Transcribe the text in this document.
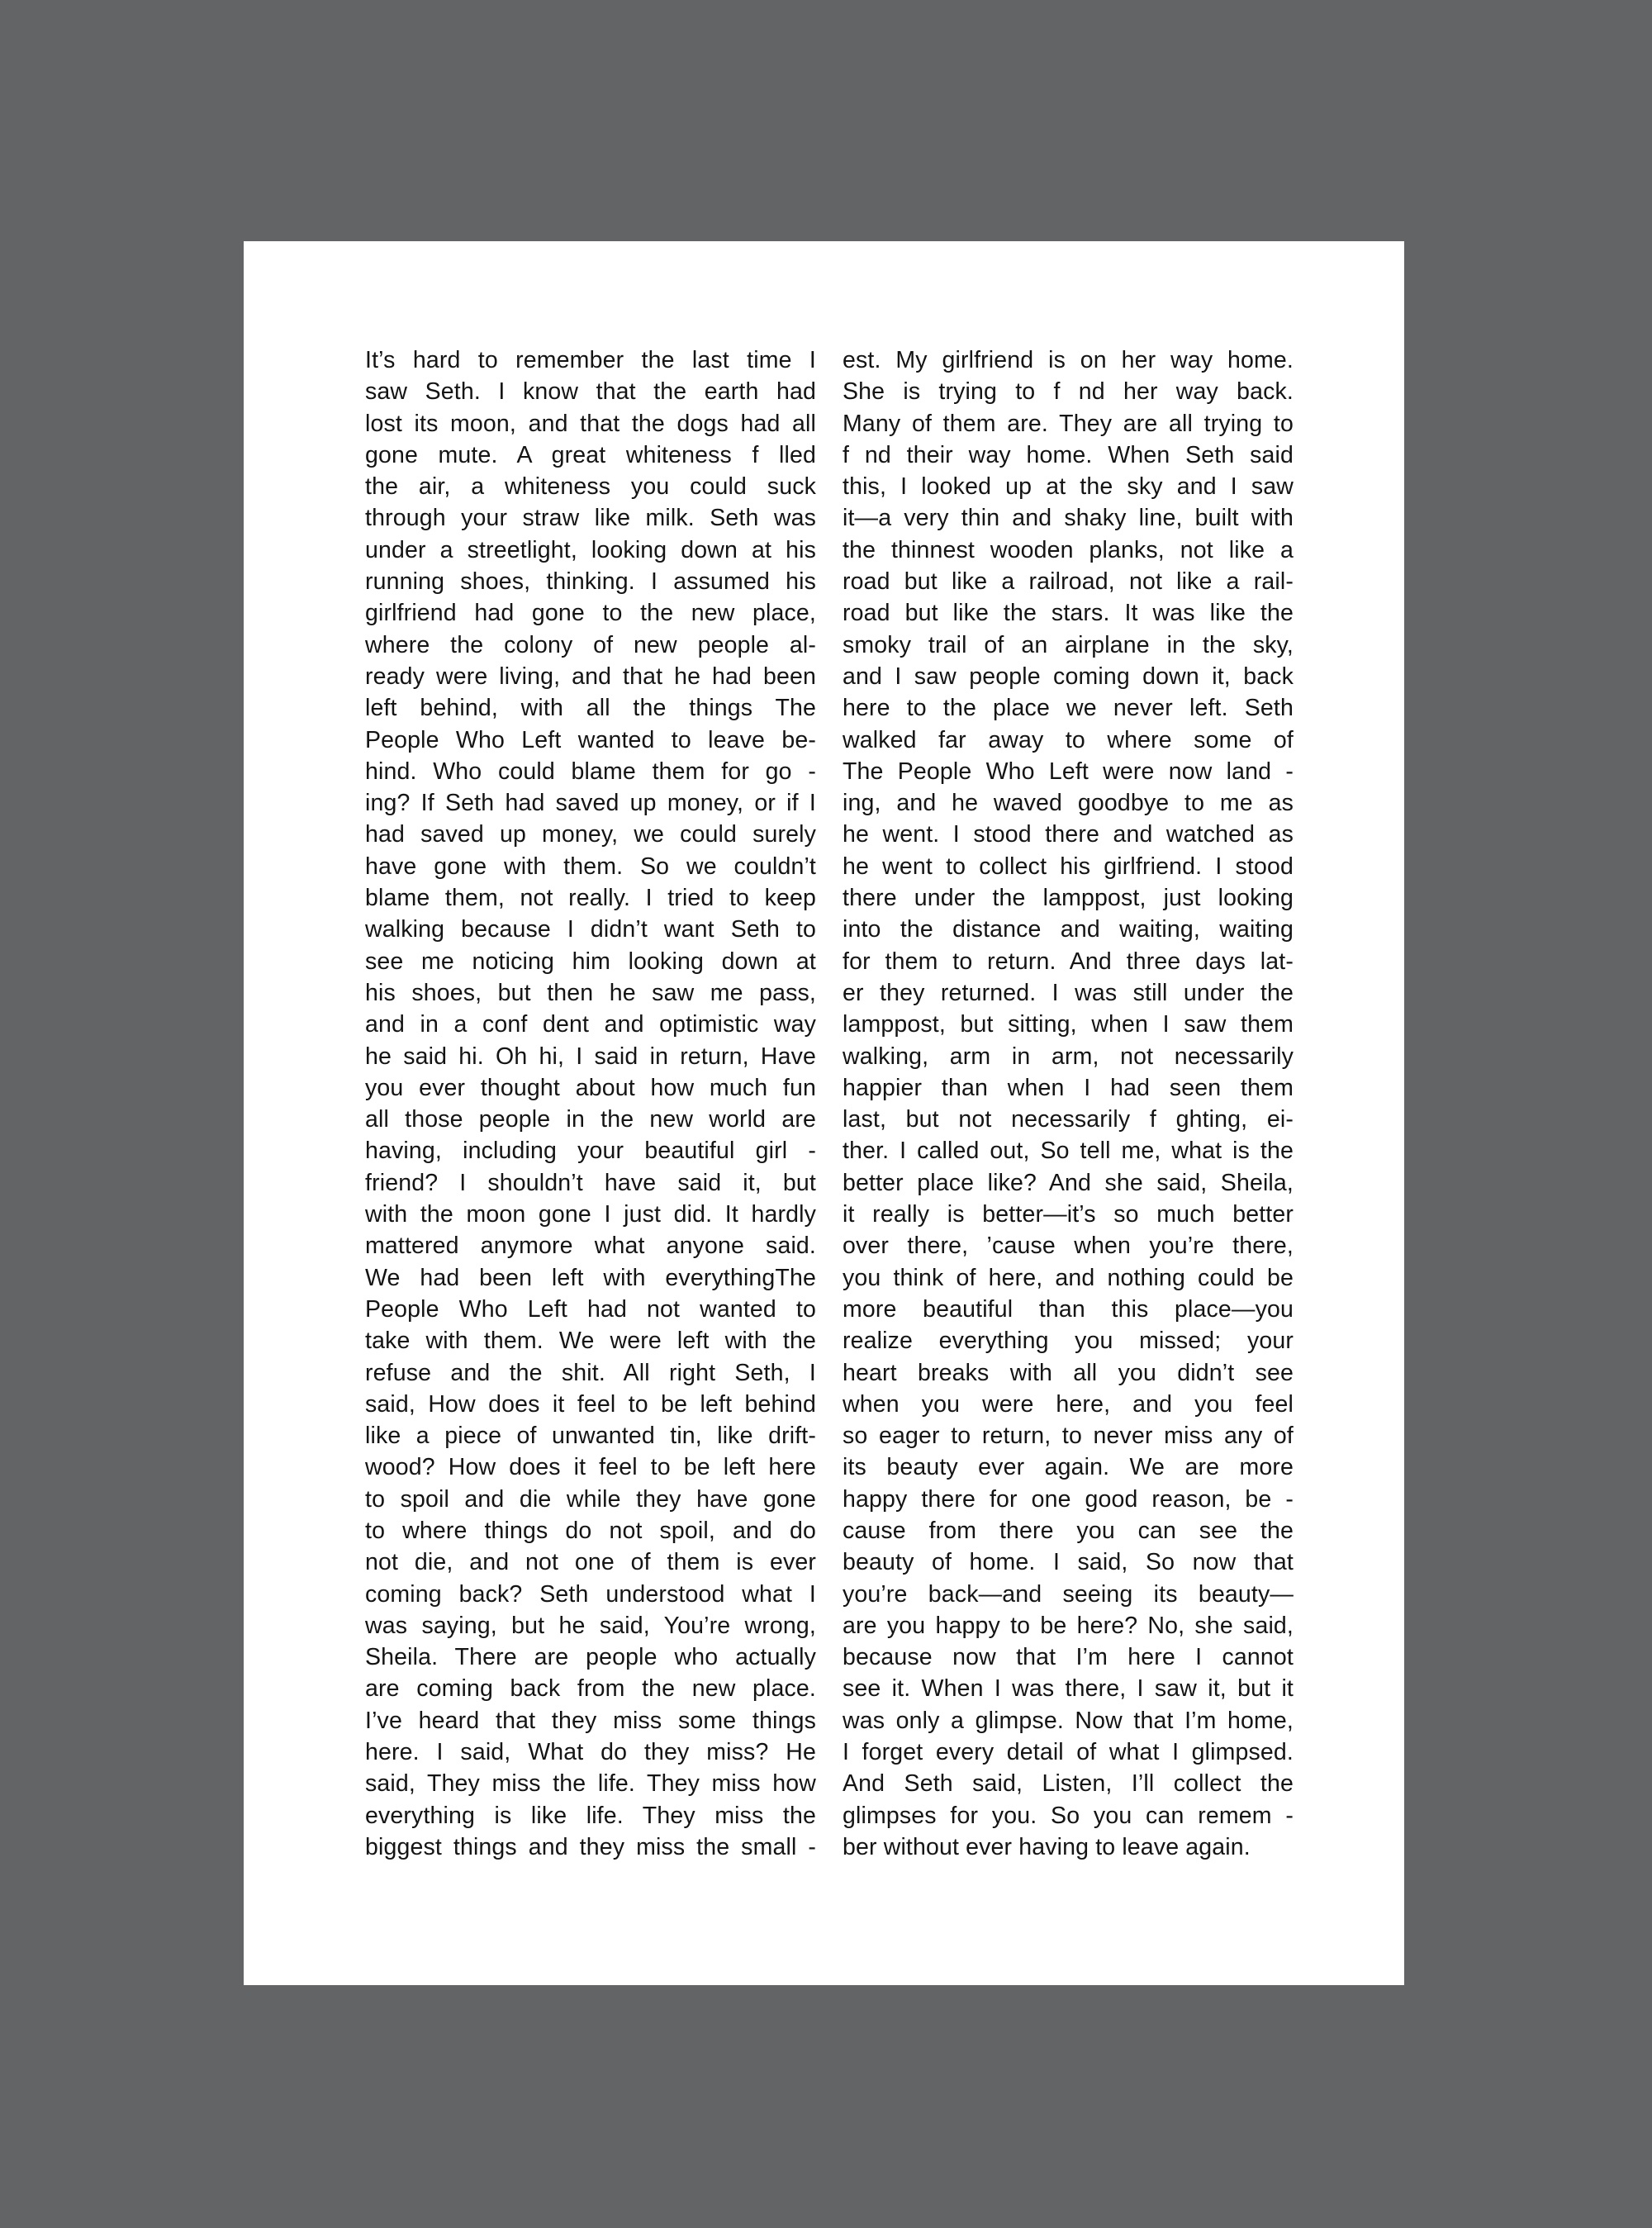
It’s hard to remember the last time I
saw Seth. I know that the earth had
lost its moon, and that the dogs had all
gone mute. A great whiteness f lled
the air, a whiteness you could suck
through your straw like milk. Seth was
under a streetlight, looking down at his
running shoes, thinking. I assumed his
girlfriend had gone to the new place,
where the colony of new people al-
ready were living, and that he had been
left behind, with all the things The
People Who Left wanted to leave be-
hind. Who could blame them for go -
ing? If Seth had saved up money, or if I
had saved up money, we could surely
have gone with them. So we couldn’t
blame them, not really. I tried to keep
walking because I didn’t want Seth to
see me noticing him looking down at
his shoes, but then he saw me pass,
and in a conf dent and optimistic way
he said hi. Oh hi, I said in return, Have
you ever thought about how much fun
all those people in the new world are
having, including your beautiful girl -
friend? I shouldn’t have said it, but
with the moon gone I just did. It hardly
mattered anymore what anyone said.
We had been left with everythingThe
People Who Left had not wanted to
take with them. We were left with the
refuse and the shit. All right Seth, I
said, How does it feel to be left behind
like a piece of unwanted tin, like drift-
wood? How does it feel to be left here
to spoil and die while they have gone
to where things do not spoil, and do
not die, and not one of them is ever
coming back? Seth understood what I
was saying, but he said, You’re wrong,
Sheila. There are people who actually
are coming back from the new place.
I’ve heard that they miss some things
here. I said, What do they miss? He
said, They miss the life. They miss how
everything is like life. They miss the
biggest things and they miss the small -
est. My girlfriend is on her way home.
She is trying to f nd her way back.
Many of them are. They are all trying to
f nd their way home. When Seth said
this, I looked up at the sky and I saw
it—a very thin and shaky line, built with
the thinnest wooden planks, not like a
road but like a railroad, not like a rail-
road but like the stars. It was like the
smoky trail of an airplane in the sky,
and I saw people coming down it, back
here to the place we never left. Seth
walked far away to where some of
The People Who Left were now land -
ing, and he waved goodbye to me as
he went. I stood there and watched as
he went to collect his girlfriend. I stood
there under the lamppost, just looking
into the distance and waiting, waiting
for them to return. And three days lat-
er they returned. I was still under the
lamppost, but sitting, when I saw them
walking, arm in arm, not necessarily
happier than when I had seen them
last, but not necessarily f ghting, ei-
ther. I called out, So tell me, what is the
better place like? And she said, Sheila,
it really is better—it’s so much better
over there, ’cause when you’re there,
you think of here, and nothing could be
more beautiful than this place—you
realize everything you missed; your
heart breaks with all you didn’t see
when you were here, and you feel
so eager to return, to never miss any of
its beauty ever again. We are more
happy there for one good reason, be -
cause from there you can see the
beauty of home. I said, So now that
you’re back—and seeing its beauty—
are you happy to be here? No, she said,
because now that I’m here I cannot
see it. When I was there, I saw it, but it
was only a glimpse. Now that I’m home,
I forget every detail of what I glimpsed.
And Seth said, Listen, I’ll collect the
glimpses for you. So you can remem -
ber without ever having to leave again.
